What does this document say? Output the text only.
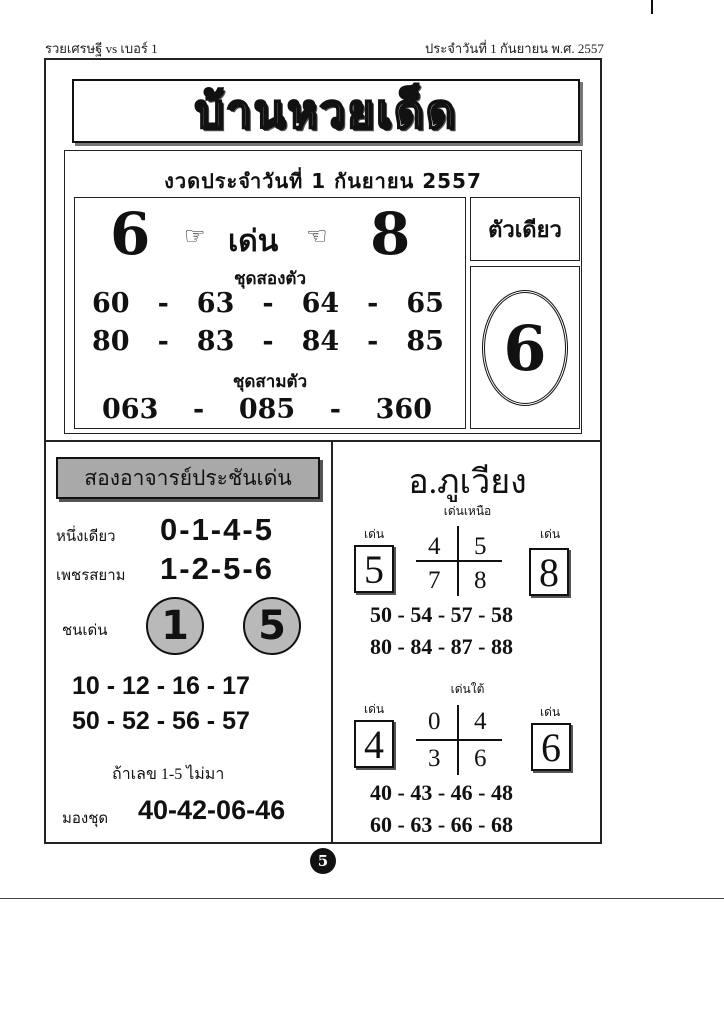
รวยเศรษฐี vs เบอร์ 1	ประจำวันที่ 1 กันยายน พ.ศ. 2557
บ้านหวยเด็ด
งวดประจำวันที่ 1 กันยายน 2557
6 ☞ เด่น ☜ 8
ชุดสองตัว
60 - 63 - 64 - 65
80 - 83 - 84 - 85
ชุดสามตัว
063 - 085 - 360
ตัวเดียว
6
สองอาจารย์ประชันเด่น
หนึ่งเดียว 0-1-4-5
เพชรสยาม 1-2-5-6
ชนเด่น	1	5
10 - 12 - 16 - 17
50 - 52 - 56 - 57
ถ้าเลข 1-5 ไม่มา
มองชุด 40-42-06-46
อ.ภูเวียง
เด่นเหนือ
เด่น	เด่น
5	8
4 5
7 8
50 - 54 - 57 - 58
80 - 84 - 87 - 88
เด่นใต้
เด่น	เด่น
4	6
0 4
3 6
40 - 43 - 46 - 48
60 - 63 - 66 - 68
5
